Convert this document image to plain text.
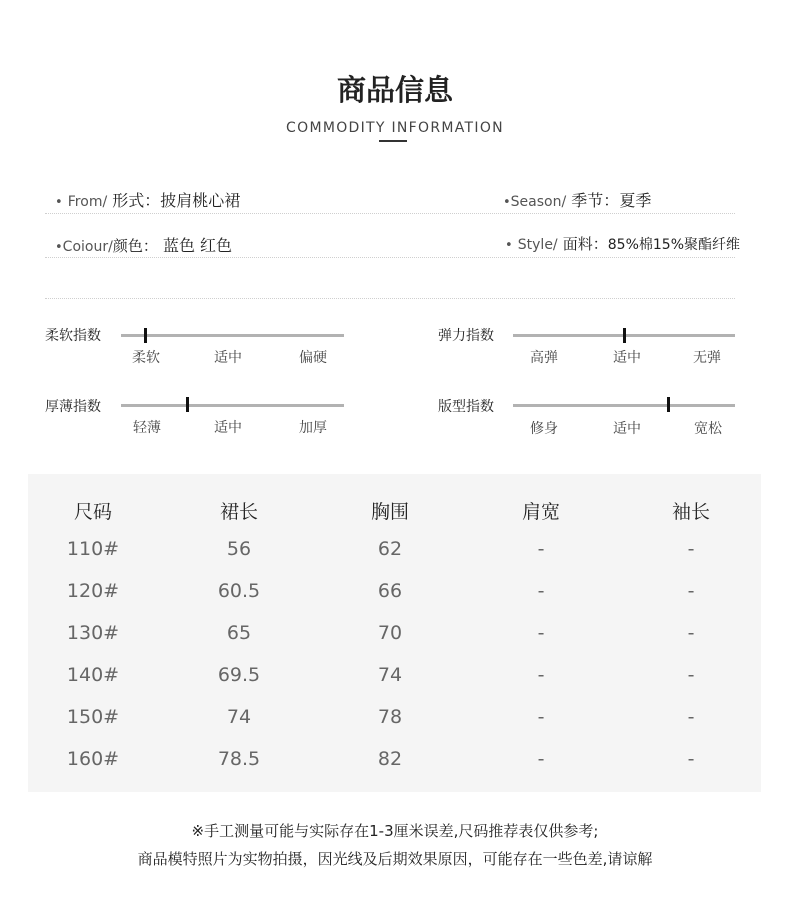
商品信息
COMMODITY INFORMATION
• From/ 形式：披肩桃心裙	•Season/ 季节：夏季
•Coiour/颜色： 蓝色 红色	• Style/ 面料：85%棉15%聚酯纤维
柔软指数
柔软	适中	偏硬
弹力指数
高弹	适中	无弹
厚薄指数
轻薄	适中	加厚
版型指数
修身	适中	宽松
尺码	裙长	胸围	肩宽	袖长
110#	56	62	-	-
120#	60.5	66	-	-
130#	65	70	-	-
140#	69.5	74	-	-
150#	74	78	-	-
160#	78.5	82	-	-
※手工测量可能与实际存在1-3厘米误差,尺码推荐表仅供参考;
商品模特照片为实物拍摄，因光线及后期效果原因，可能存在一些色差,请谅解
